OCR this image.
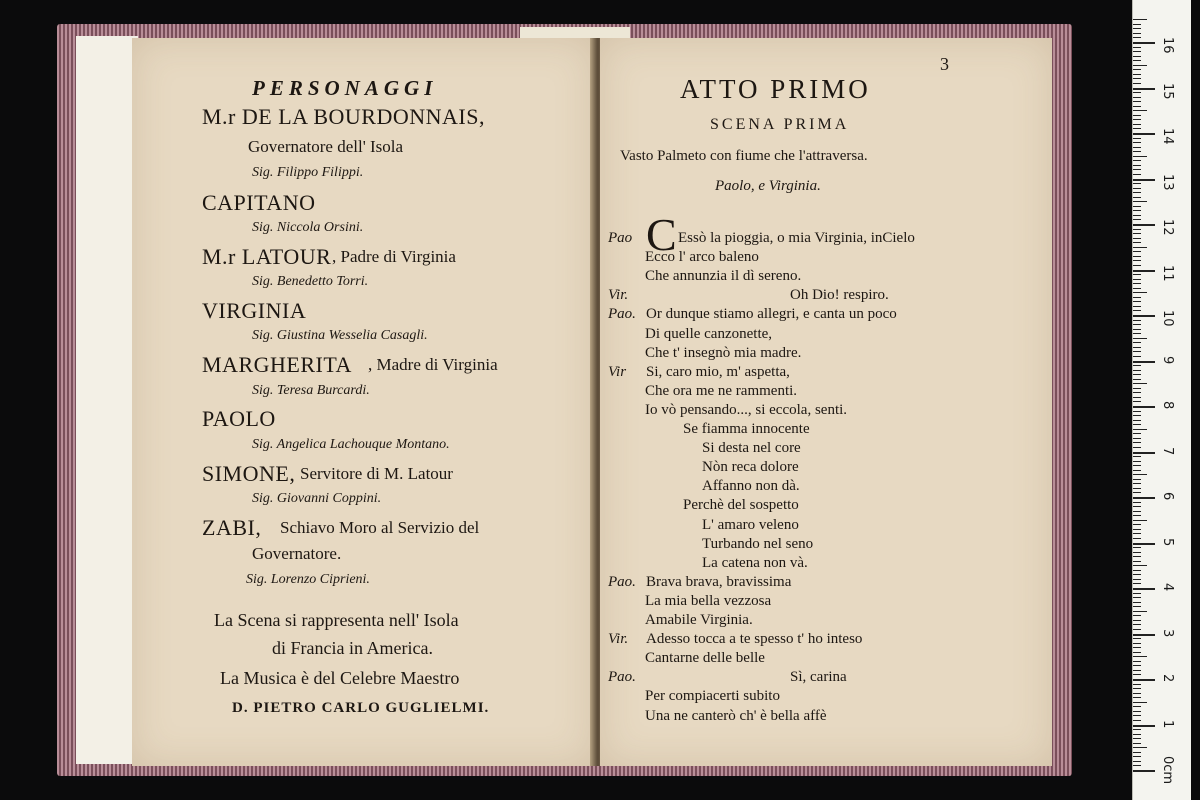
PERSONAGGI

M.r DE LA BOURDONNAIS,

Governatore dell' Isola

Sig. Filippo Filippi.

CAPITANO

Sig. Niccola Orsini.

M.r LATOUR , Padre di Virginia

Sig. Benedetto Torri.

VIRGINIA

Sig. Giustina Wesselia Casagli.

MARGHERITA , Madre di Virginia

Sig. Teresa Burcardi.

PAOLO

Sig. Angelica Lachouque Montano.

SIMONE, Servitore di M. Latour

Sig. Giovanni Coppini.

ZABI, Schiavo Moro al Servizio del

Governatore.

Sig. Lorenzo Ciprieni.

La Scena si rappresenta nell' Isola

di Francia in America.

La Musica è del Celebre Maestro

D. PIETRO CARLO GUGLIELMI.

3

ATTO PRIMO

SCENA PRIMA

Vasto Palmeto con fiume che l'attraversa.

Paolo, e Virginia.

Pao C Essò la pioggia, o mia Virginia, inCielo

Ecco l' arco baleno

Che annunzia il dì sereno.

Vir.	Oh Dio! respiro.

Pao. Or dunque stiamo allegri, e canta un poco

Di quelle canzonette,

Che t' insegnò mia madre.

Vir Si, caro mio, m' aspetta,

Che ora me ne rammenti.

Io vò pensando..., si eccola, senti.

Se fiamma innocente

Si desta nel core

Nòn reca dolore

Affanno non dà.

Perchè del sospetto

L' amaro veleno

Turbando nel seno

La catena non và.

Pao. Brava brava, bravissima

La mia bella vezzosa

Amabile Virginia.

Vir. Adesso tocca a te spesso t' ho inteso

Cantarne delle belle

Pao.	Sì, carina

Per compiacerti subito

Una ne canterò ch' è bella affè

0cm
1
2
3
4
5
6
7
8
9
10
11
12
13
14
15
16
